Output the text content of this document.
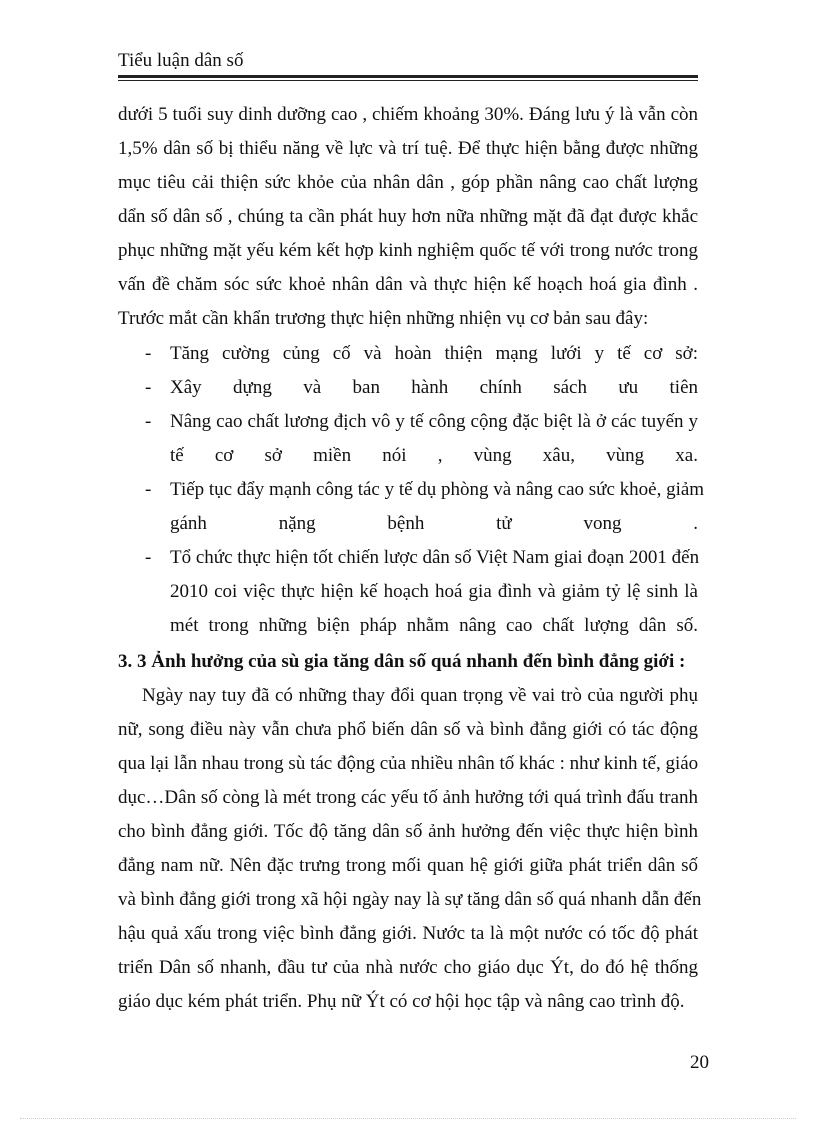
Tiểu luận dân số
dưới 5 tuổi suy dinh dưỡng cao , chiếm khoảng 30%. Đáng lưu ý là vẫn còn
1,5% dân số bị thiểu năng về lực và trí tuệ. Để thực hiện bằng được những
mục tiêu cải thiện sức khỏe của nhân dân , góp phần nâng cao chất lượng
dẩn số dân số , chúng ta cần phát huy hơn nữa những mặt đã đạt được khắc
phục những mặt yếu kém kết hợp kinh nghiệm quốc tế với trong nước trong
vấn đề chăm sóc sức khoẻ nhân dân và thực hiện kế hoạch hoá gia đình .
Trước mắt cần khẩn trương thực hiện những nhiện vụ cơ bản sau đây:
- Tăng cường củng cố và hoàn thiện mạng lưới y tế cơ sở:
- Xây dựng và ban hành chính sách ưu tiên
- Nâng cao chất lương địch vô y tế công cộng đặc biệt là ở các tuyến y
tế cơ sở miền nói , vùng xâu, vùng xa.
- Tiếp tục đẩy mạnh công tác y tế dụ phòng và nâng cao sức khoẻ, giảm
gánh nặng bệnh tử vong .
- Tổ chức thực hiện tốt chiến lược dân số Việt Nam giai đoạn 2001 đến
2010 coi việc thực hiện kế hoạch hoá gia đình và giảm tỷ lệ sinh là
mét trong những biện pháp nhằm nâng cao chất lượng dân số.
3. 3 Ảnh hưởng của sù gia tăng dân số quá nhanh đến bình đẳng giới :
Ngày nay tuy đã có những thay đổi quan trọng về vai trò của người phụ
nữ, song điều này vẫn chưa phổ biến dân số và bình đẳng giới có tác động
qua lại lẫn nhau trong sù tác động của nhiều nhân tố khác : như kinh tế, giáo
dục…Dân số còng là mét trong các yếu tố ảnh hưởng tới quá trình đấu tranh
cho bình đẳng giới. Tốc độ tăng dân số ảnh hưởng đến việc thực hiện bình
đẳng nam nữ. Nên đặc trưng trong mối quan hệ giới giữa phát triển dân số
và bình đẳng giới trong xã hội ngày nay là sự tăng dân số quá nhanh dẫn đến
hậu quả xấu trong việc bình đẳng giới. Nước ta là một nước có tốc độ phát
triển Dân số nhanh, đầu tư của nhà nước cho giáo dục Ýt, do đó hệ thống
giáo dục kém phát triển. Phụ nữ Ýt có cơ hội học tập và nâng cao trình độ.
20
